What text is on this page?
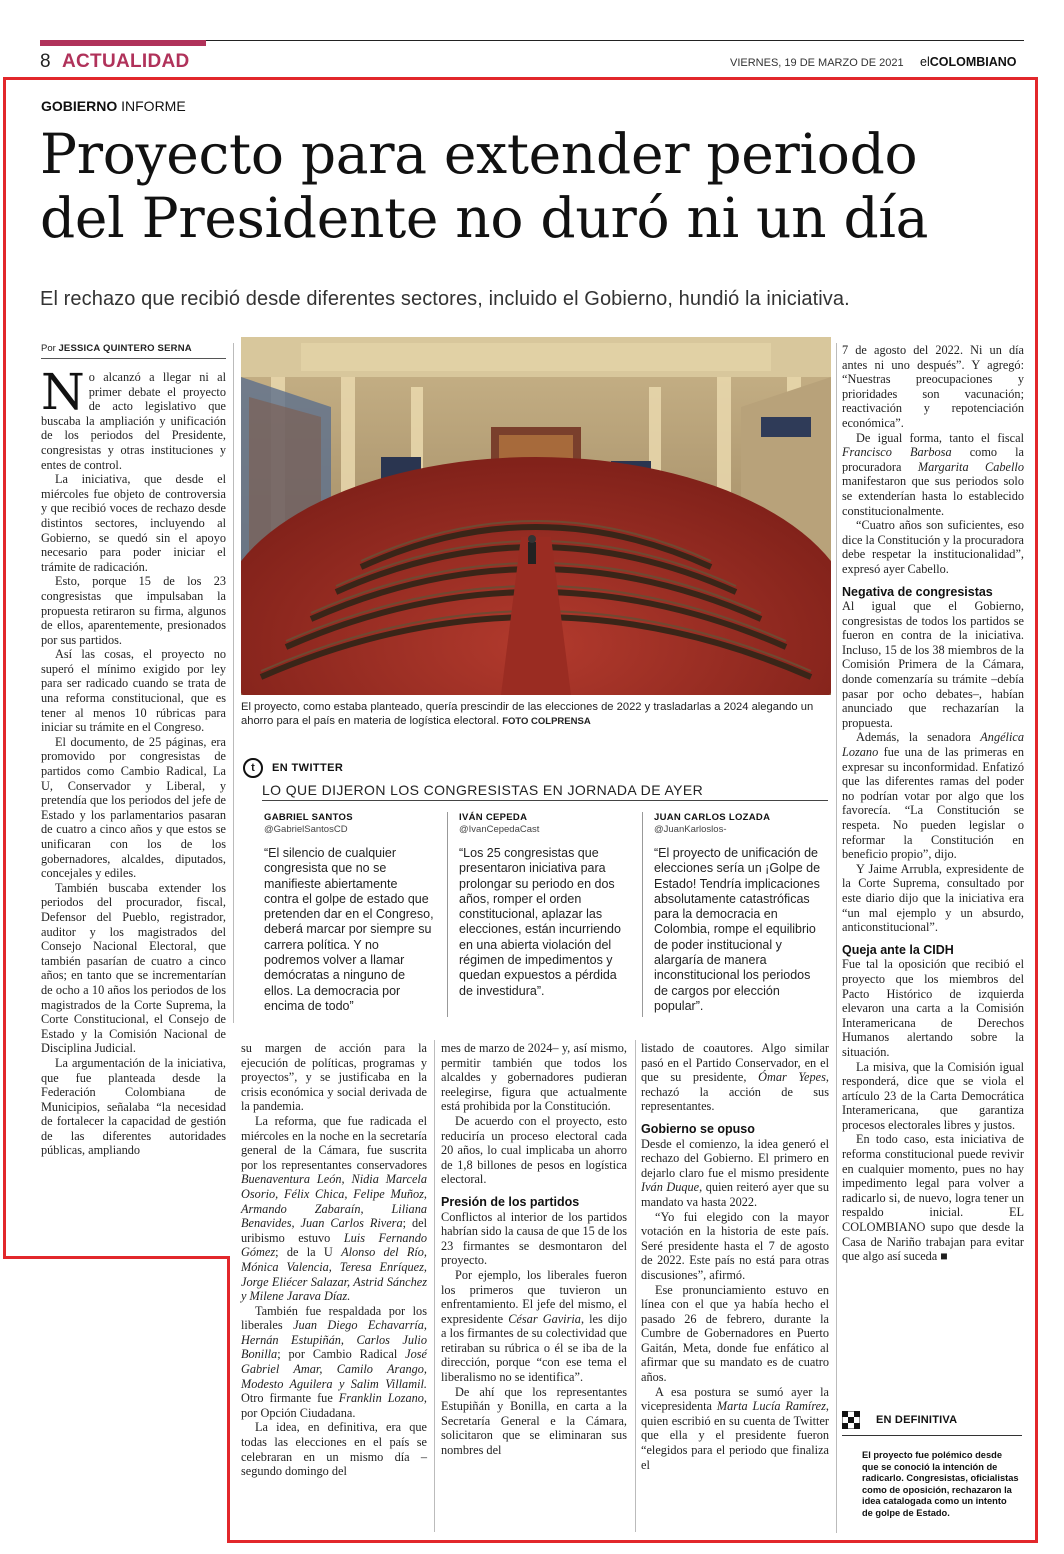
8 ACTUALIDAD	VIERNES, 19 DE MARZO DE 2021 elCOLOMBIANO
GOBIERNO INFORME
Proyecto para extender periodo
del Presidente no duró ni un día
El rechazo que recibió desde diferentes sectores, incluido el Gobierno, hundió la iniciativa.
Por JESSICA QUINTERO SERNA

No alcanzó a llegar ni al primer debate el proyecto de acto legislativo que buscaba la ampliación y unificación de los periodos del Presidente, congresistas y otras instituciones y entes de control.

La iniciativa, que desde el miércoles fue objeto de controversia y que recibió voces de rechazo desde distintos sectores, incluyendo al Gobierno, se quedó sin el apoyo necesario para poder iniciar el trámite de radicación.

Esto, porque 15 de los 23 congresistas que impulsaban la propuesta retiraron su firma, algunos de ellos, aparentemente, presionados por sus partidos.

Así las cosas, el proyecto no superó el mínimo exigido por ley para ser radicado cuando se trata de una reforma constitucional, que es tener al menos 10 rúbricas para iniciar su trámite en el Congreso.

El documento, de 25 páginas, era promovido por congresistas de partidos como Cambio Radical, La U, Conservador y Liberal, y pretendía que los periodos del jefe de Estado y los parlamentarios pasaran de cuatro a cinco años y que estos se unificaran con los de los gobernadores, alcaldes, diputados, concejales y ediles.

También buscaba extender los periodos del procurador, fiscal, Defensor del Pueblo, registrador, auditor y los magistrados del Consejo Nacional Electoral, que también pasarían de cuatro a cinco años; en tanto que se incrementarían de ocho a 10 años los periodos de los magistrados de la Corte Suprema, la Corte Constitucional, el Consejo de Estado y la Comisión Nacional de Disciplina Judicial.

La argumentación de la iniciativa, que fue planteada desde la Federación Colombiana de Municipios, señalaba “la necesidad de fortalecer la capacidad de gestión de las diferentes autoridades públicas, ampliando

El proyecto, como estaba planteado, quería prescindir de las elecciones de 2022 y trasladarlas a 2024 alegando un ahorro para el país en materia de logística electoral. FOTO COLPRENSA
t	EN TWITTER
LO QUE DIJERON LOS CONGRESISTAS EN JORNADA DE AYER
GABRIEL SANTOS
@GabrielSantosCD
“El silencio de cualquier congresista que no se manifieste abiertamente contra el golpe de estado que pretenden dar en el Congreso, deberá marcar por siempre su carrera política. Y no podremos volver a llamar demócratas a ninguno de ellos. La democracia por encima de todo”
IVÁN CEPEDA
@IvanCepedaCast
“Los 25 congresistas que presentaron iniciativa para prolongar su periodo en dos años, romper el orden constitucional, aplazar las elecciones, están incurriendo en una abierta violación del régimen de impedimentos y quedan expuestos a pérdida de investidura”.
JUAN CARLOS LOZADA
@JuanKarloslos-
“El proyecto de unificación de elecciones sería un ¡Golpe de Estado! Tendría implicaciones absolutamente catastróficas para la democracia en Colombia, rompe el equilibrio de poder institucional y alargaría de manera inconstitucional los periodos de cargos por elección popular”.

su margen de acción para la ejecución de políticas, programas y proyectos”, y se justificaba en la crisis económica y social derivada de la pandemia.

La reforma, que fue radicada el miércoles en la noche en la secretaría general de la Cámara, fue suscrita por los representantes conservadores Buenaventura León, Nidia Marcela Osorio, Félix Chica, Felipe Muñoz, Armando Zabaraín, Liliana Benavides, Juan Carlos Rivera; del uribismo estuvo Luis Fernando Gómez; de la U Alonso del Río, Mónica Valencia, Teresa Enríquez, Jorge Eliécer Salazar, Astrid Sánchez y Milene Jarava Díaz.

También fue respaldada por los liberales Juan Diego Echavarría, Hernán Estupiñán, Carlos Julio Bonilla; por Cambio Radical José Gabriel Amar, Camilo Arango, Modesto Aguilera y Salim Villamil. Otro firmante fue Franklin Lozano, por Opción Ciudadana.

La idea, en definitiva, era que todas las elecciones en el país se celebraran en un mismo día –segundo domingo del

mes de marzo de 2024– y, así mismo, permitir también que todos los alcaldes y gobernadores pudieran reelegirse, figura que actualmente está prohibida por la Constitución.

De acuerdo con el proyecto, esto reduciría un proceso electoral cada 20 años, lo cual implicaba un ahorro de 1,8 billones de pesos en logística electoral.

Presión de los partidos

Conflictos al interior de los partidos habrían sido la causa de que 15 de los 23 firmantes se desmontaron del proyecto.

Por ejemplo, los liberales fueron los primeros que tuvieron un enfrentamiento. El jefe del mismo, el expresidente César Gaviria, les dijo a los firmantes de su colectividad que retiraban su rúbrica o él se iba de la dirección, porque “con ese tema el liberalismo no se identifica”.

De ahí que los representantes Estupiñán y Bonilla, en carta a la Secretaría General e la Cámara, solicitaron que se eliminaran sus nombres del

listado de coautores. Algo similar pasó en el Partido Conservador, en el que su presidente, Ómar Yepes, rechazó la acción de sus representantes.

Gobierno se opuso

Desde el comienzo, la idea generó el rechazo del Gobierno. El primero en dejarlo claro fue el mismo presidente Iván Duque, quien reiteró ayer que su mandato va hasta 2022.

“Yo fui elegido con la mayor votación en la historia de este país. Seré presidente hasta el 7 de agosto de 2022. Este país no está para otras discusiones”, afirmó.

Ese pronunciamiento estuvo en línea con el que ya había hecho el pasado 26 de febrero, durante la Cumbre de Gobernadores en Puerto Gaitán, Meta, donde fue enfático al afirmar que su mandato es de cuatro años.

A esa postura se sumó ayer la vicepresidenta Marta Lucía Ramírez, quien escribió en su cuenta de Twitter que ella y el presidente fueron “elegidos para el periodo que finaliza el

7 de agosto del 2022. Ni un día antes ni uno después”. Y agregó: “Nuestras preocupaciones y prioridades son vacunación; reactivación y repotenciación económica”.

De igual forma, tanto el fiscal Francisco Barbosa como la procuradora Margarita Cabello manifestaron que sus periodos solo se extenderían hasta lo establecido constitucionalmente.

“Cuatro años son suficientes, eso dice la Constitución y la procuradora debe respetar la institucionalidad”, expresó ayer Cabello.

Negativa de congresistas

Al igual que el Gobierno, congresistas de todos los partidos se fueron en contra de la iniciativa. Incluso, 15 de los 38 miembros de la Comisión Primera de la Cámara, donde comenzaría su trámite –debía pasar por ocho debates–, habían anunciado que rechazarían la propuesta.

Además, la senadora Angélica Lozano fue una de las primeras en expresar su inconformidad. Enfatizó que las diferentes ramas del poder no podrían votar por algo que los favorecía. “La Constitución se respeta. No pueden legislar o reformar la Constitución en beneficio propio”, dijo.

Y Jaime Arrubla, expresidente de la Corte Suprema, consultado por este diario dijo que la iniciativa era “un mal ejemplo y un absurdo, anticonstitucional”.

Queja ante la CIDH

Fue tal la oposición que recibió el proyecto que los miembros del Pacto Histórico de izquierda elevaron una carta a la Comisión Interamericana de Derechos Humanos alertando sobre la situación.

La misiva, que la Comisión igual responderá, dice que se viola el artículo 23 de la Carta Democrática Interamericana, que garantiza procesos electorales libres y justos.

En todo caso, esta iniciativa de reforma constitucional puede revivir en cualquier momento, pues no hay impedimento legal para volver a radicarlo si, de nuevo, logra tener un respaldo inicial. EL COLOMBIANO supo que desde la Casa de Nariño trabajan para evitar que algo así suceda ■

EN DEFINITIVA
El proyecto fue polémico desde que se conoció la intención de radicarlo. Congresistas, oficialistas como de oposición, rechazaron la idea catalogada como un intento de golpe de Estado.
